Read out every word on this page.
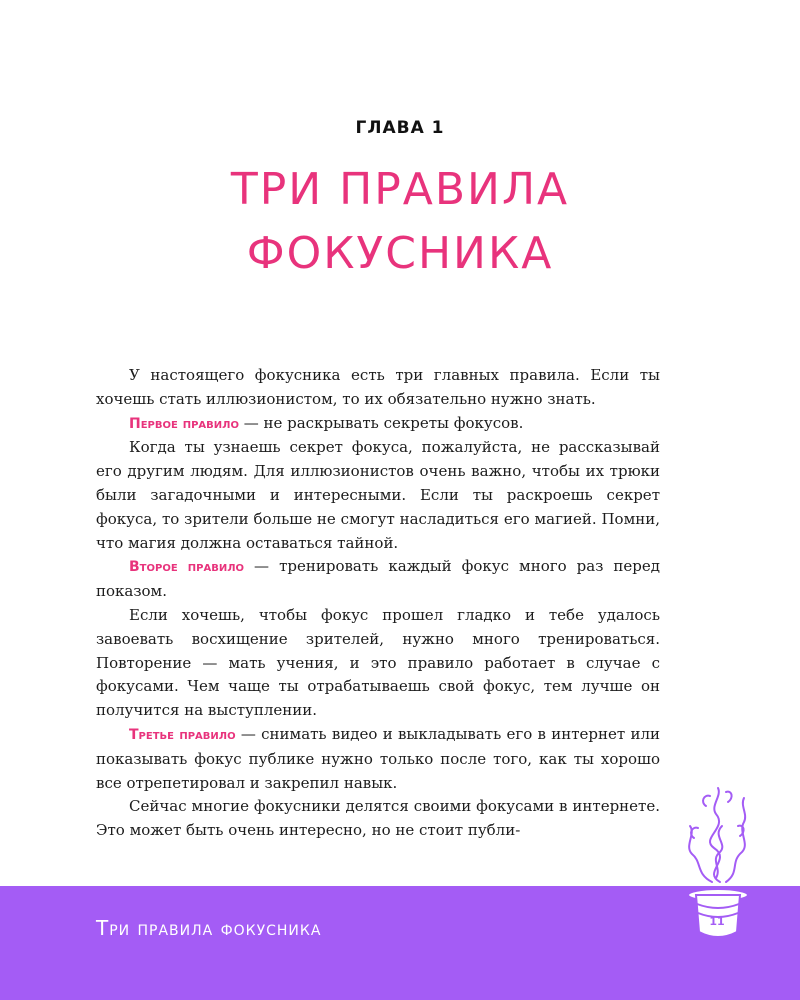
ГЛАВА 1
ТРИ ПРАВИЛА
ФОКУСНИКА

У настоящего фокусника есть три главных правила. Если ты хочешь стать иллюзионистом, то их обязательно нужно знать.

Первое правило — не раскрывать секреты фокусов.

Когда ты узнаешь секрет фокуса, пожалуйста, не рассказывай его другим людям. Для иллюзионистов очень важно, чтобы их трюки были загадочными и интересными. Если ты раскроешь секрет фокуса, то зрители больше не смогут насладиться его магией. Помни, что магия должна оставаться тайной.

Второе правило — тренировать каждый фокус много раз перед показом.

Если хочешь, чтобы фокус прошел гладко и тебе удалось завоевать восхищение зрителей, нужно много тренироваться. Повторение — мать учения, и это правило работает в случае с фокусами. Чем чаще ты отрабатываешь свой фокус, тем лучше он получится на выступлении.

Третье правило — снимать видео и выкладывать его в интернет или показывать фокус публике нужно только после того, как ты хорошо все отрепетировал и закрепил навык.

Сейчас многие фокусники делятся своими фокусами в интернете. Это может быть очень интересно, но не стоит публи-

Три правила фокусника	11
